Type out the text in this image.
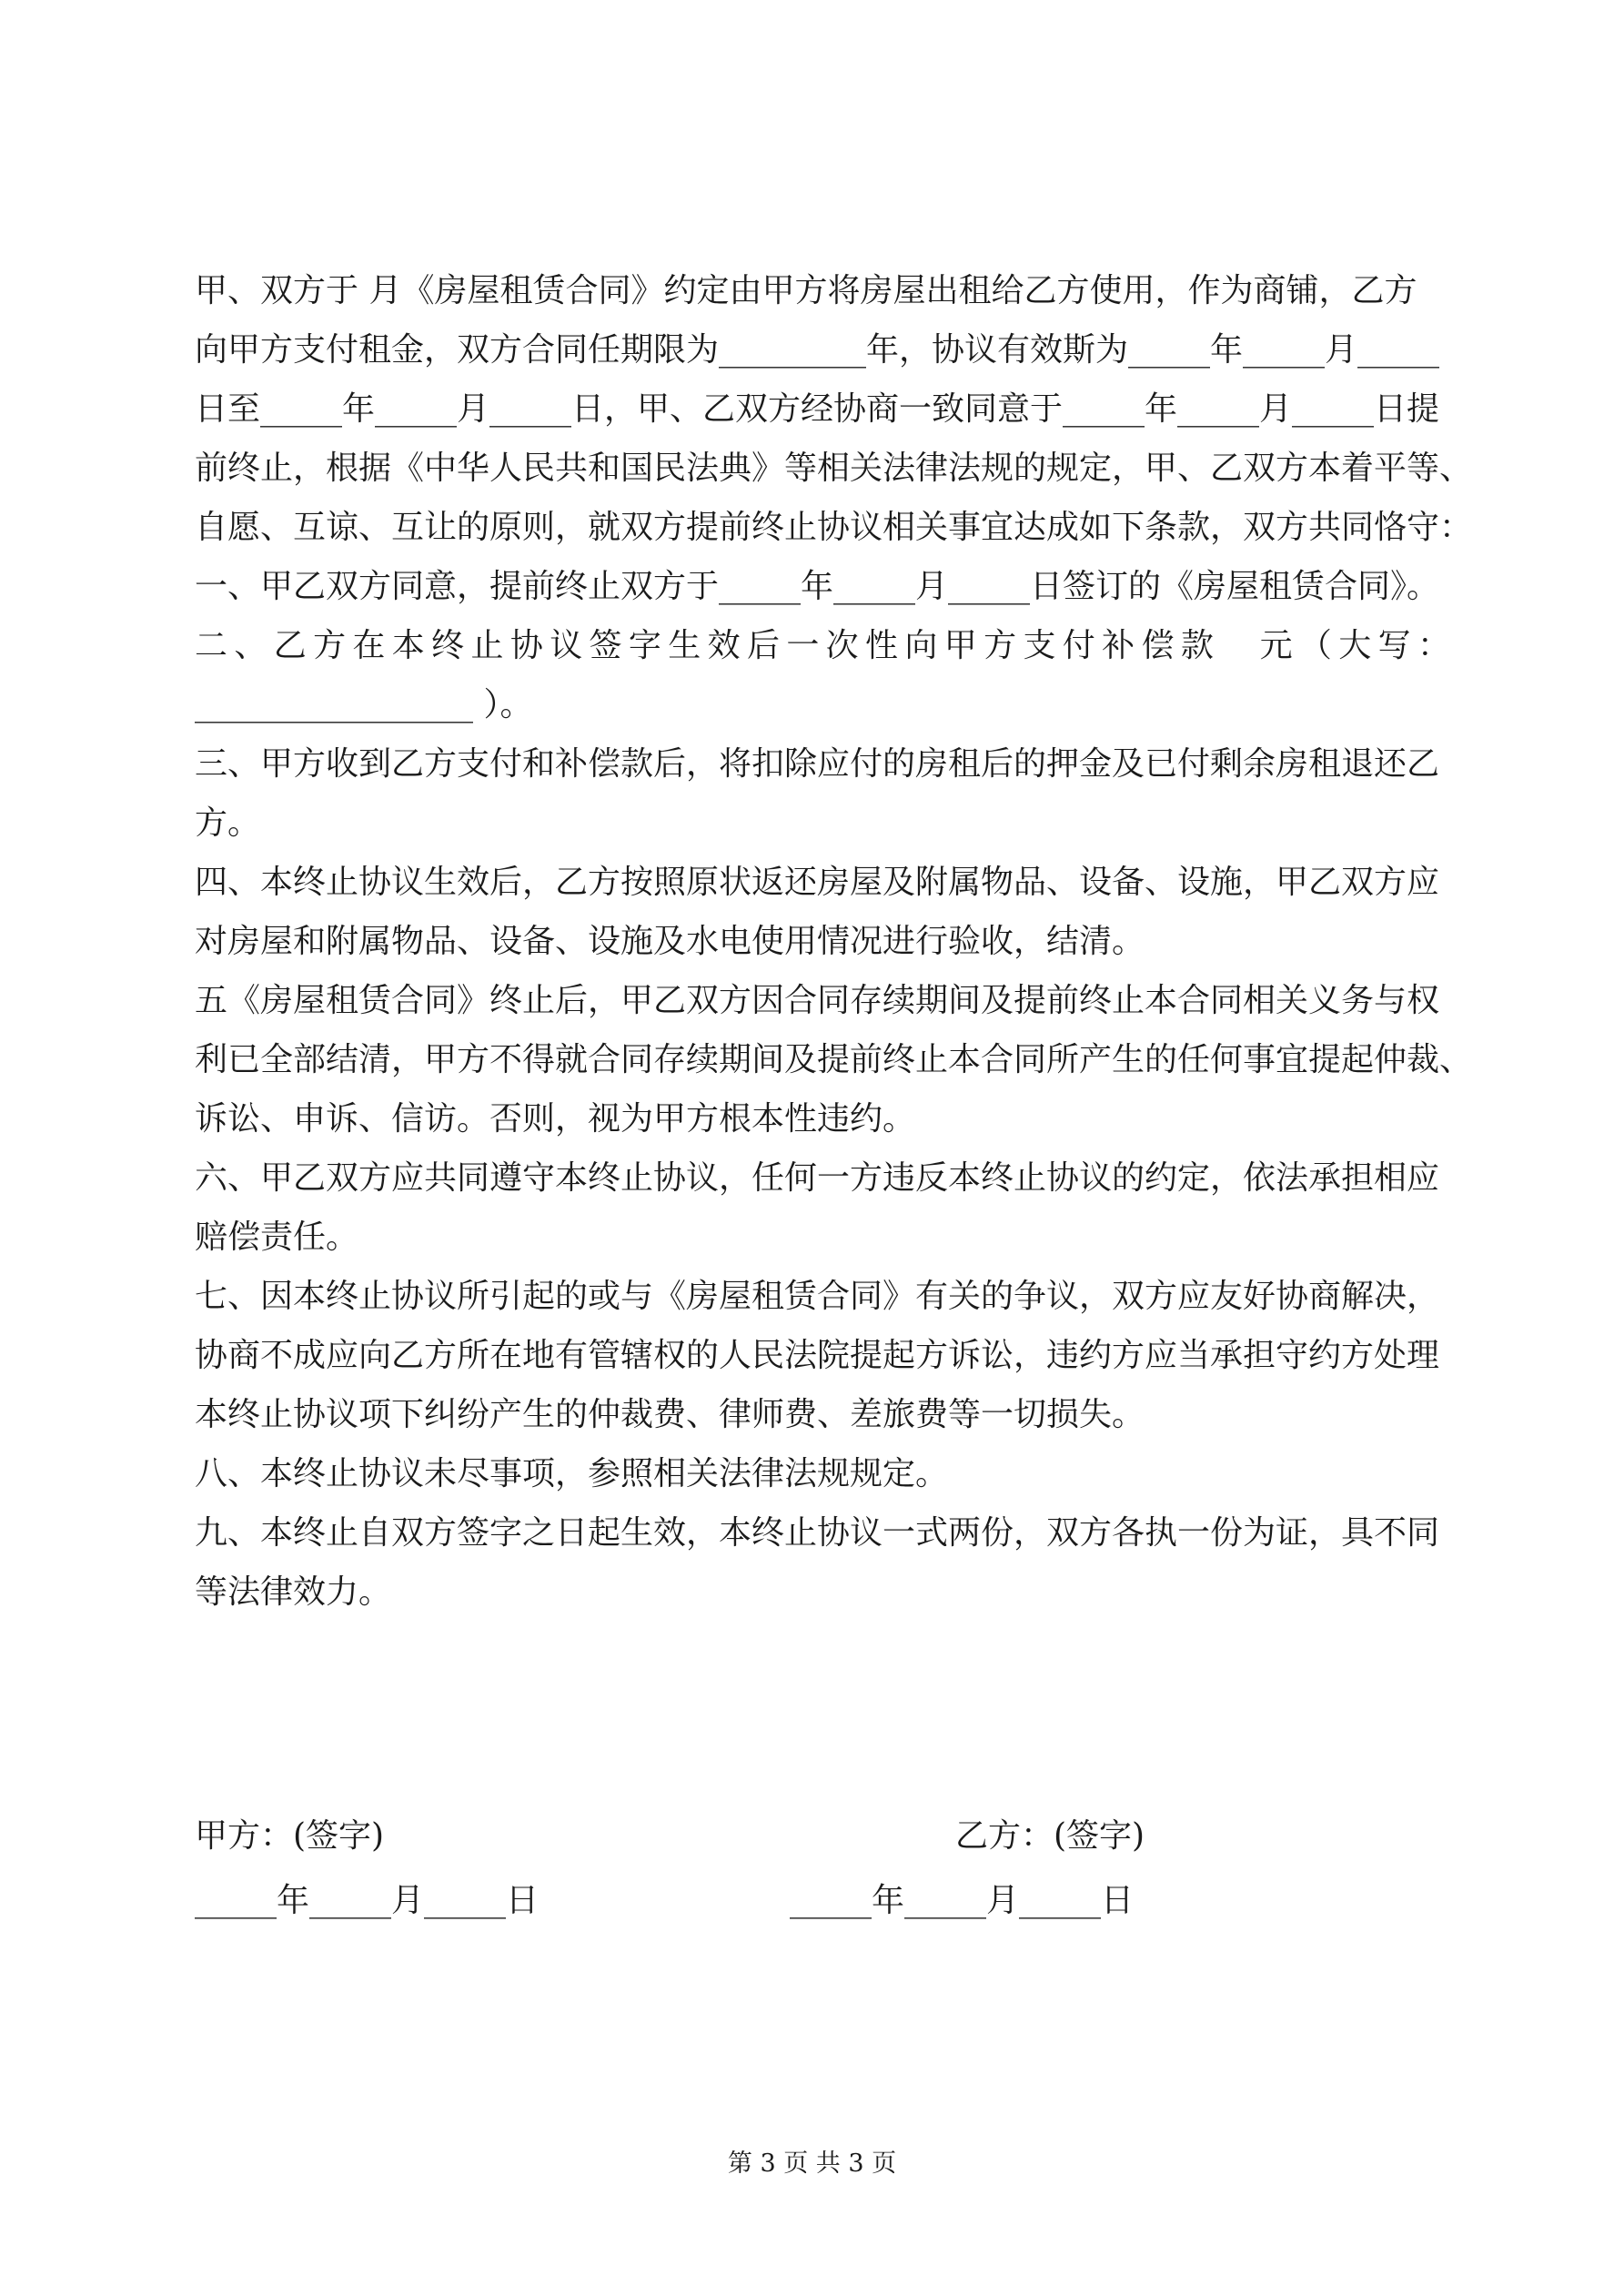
甲、双方于 月《房屋租赁合同》约定由甲方将房屋出租给乙方使用，作为商铺，乙方
向甲方支付租金，双方合同任期限为_________年，协议有效斯为_____年_____月_____
日至_____年_____月_____日，甲、乙双方经协商一致同意于_____年_____月_____日提
前终止，根据《中华人民共和国民法典》等相关法律法规的规定，甲、乙双方本着平等、
自愿、互谅、互让的原则，就双方提前终止协议相关事宜达成如下条款，双方共同恪守：
一、甲乙双方同意，提前终止双方于_____年_____月_____日签订的《房屋租赁合同》。
二、乙方在本终止协议签字生效后一次性向甲方支付补偿款　元（大写：
_________________ ）。
三、甲方收到乙方支付和补偿款后，将扣除应付的房租后的押金及已付剩余房租退还乙
方。
四、本终止协议生效后，乙方按照原状返还房屋及附属物品、设备、设施，甲乙双方应
对房屋和附属物品、设备、设施及水电使用情况进行验收，结清。
五《房屋租赁合同》终止后，甲乙双方因合同存续期间及提前终止本合同相关义务与权
利已全部结清，甲方不得就合同存续期间及提前终止本合同所产生的任何事宜提起仲裁、
诉讼、申诉、信访。否则，视为甲方根本性违约。
六、甲乙双方应共同遵守本终止协议，任何一方违反本终止协议的约定，依法承担相应
赔偿责任。
七、因本终止协议所引起的或与《房屋租赁合同》有关的争议，双方应友好协商解决，
协商不成应向乙方所在地有管辖权的人民法院提起方诉讼，违约方应当承担守约方处理
本终止协议项下纠纷产生的仲裁费、律师费、差旅费等一切损失。
八、本终止协议未尽事项，参照相关法律法规规定。
九、本终止自双方签字之日起生效，本终止协议一式两份，双方各执一份为证，具不同
等法律效力。
甲方：(签字)	乙方：(签字)
_____年_____月_____日	_____年_____月_____日
第 3 页 共 3 页
